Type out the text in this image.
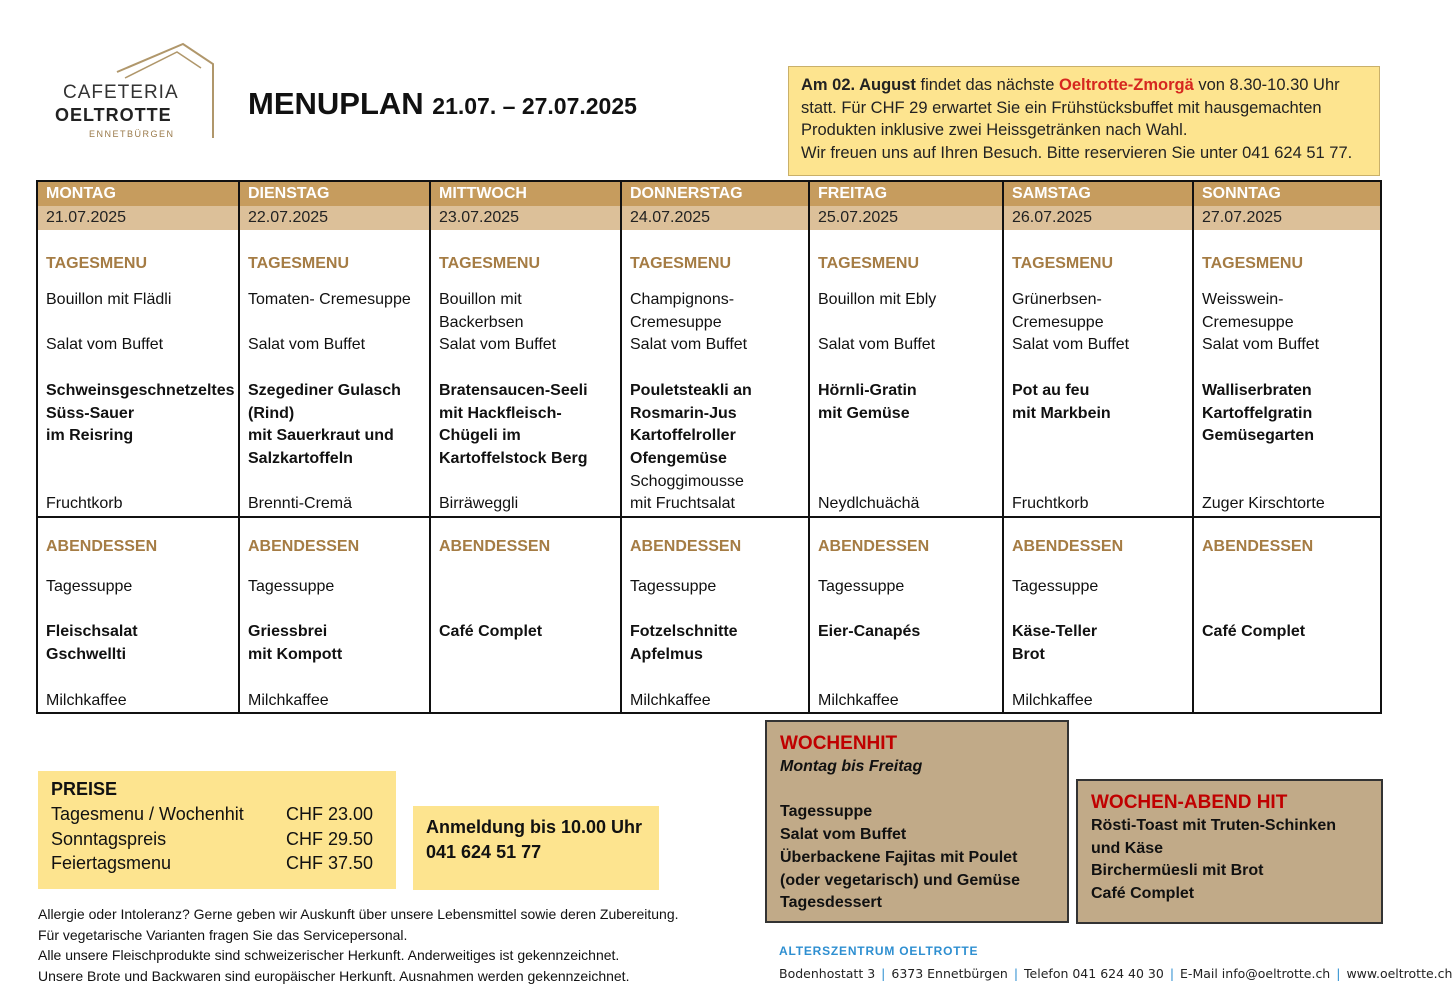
CAFETERIA
OELTROTTE
ENNETBÜRGEN
MENUPLAN 21.07. – 27.07.2025
Am 02. August findet das nächste Oeltrotte-Zmorgä von 8.30-10.30 Uhr statt. Für CHF 29 erwartet Sie ein Frühstücksbuffet mit hausgemachten Produkten inklusive zwei Heissgetränken nach Wahl.
Wir freuen uns auf Ihren Besuch. Bitte reservieren Sie unter 041 624 51 77.
MONTAG
21.07.2025
TAGESMENU
Bouillon mit Flädli
Salat vom Buffet
Schweinsgeschnetzeltes
Süss-Sauer
im Reisring
Fruchtkorb
ABENDESSEN
Tagessuppe
Fleischsalat
Gschwellti
Milchkaffee
DIENSTAG
22.07.2025
TAGESMENU
Tomaten- Cremesuppe
Salat vom Buffet
Szegediner Gulasch
(Rind)
mit Sauerkraut und
Salzkartoffeln
Brennti-Cremä
ABENDESSEN
Tagessuppe
Griessbrei
mit Kompott
Milchkaffee
MITTWOCH
23.07.2025
TAGESMENU
Bouillon mit
Backerbsen
Salat vom Buffet
Bratensaucen-Seeli
mit Hackfleisch-
Chügeli im
Kartoffelstock Berg
Birräweggli
ABENDESSEN
Café Complet
DONNERSTAG
24.07.2025
TAGESMENU
Champignons-
Cremesuppe
Salat vom Buffet
Pouletsteakli an
Rosmarin-Jus
Kartoffelroller
Ofengemüse
Schoggimousse
mit Fruchtsalat
ABENDESSEN
Tagessuppe
Fotzelschnitte
Apfelmus
Milchkaffee
FREITAG
25.07.2025
TAGESMENU
Bouillon mit Ebly
Salat vom Buffet
Hörnli-Gratin
mit Gemüse
Neydlchuächä
ABENDESSEN
Tagessuppe
Eier-Canapés
Milchkaffee
SAMSTAG
26.07.2025
TAGESMENU
Grünerbsen-
Cremesuppe
Salat vom Buffet
Pot au feu
mit Markbein
Fruchtkorb
ABENDESSEN
Tagessuppe
Käse-Teller
Brot
Milchkaffee
SONNTAG
27.07.2025
TAGESMENU
Weisswein-
Cremesuppe
Salat vom Buffet
Walliserbraten
Kartoffelgratin
Gemüsegarten
Zuger Kirschtorte
ABENDESSEN
Café Complet
PREISE
Tagesmenu / Wochenhit CHF 23.00
Sonntagspreis	CHF 29.50
Feiertagsmenu	CHF 37.50
Anmeldung bis 10.00 Uhr
041 624 51 77
WOCHENHIT
Montag bis Freitag
Tagessuppe
Salat vom Buffet
Überbackene Fajitas mit Poulet
(oder vegetarisch) und Gemüse
Tagesdessert
WOCHEN-ABEND HIT
Rösti-Toast mit Truten-Schinken
und Käse
Birchermüesli mit Brot
Café Complet
Allergie oder Intoleranz? Gerne geben wir Auskunft über unsere Lebensmittel sowie deren Zubereitung.
Für vegetarische Varianten fragen Sie das Servicepersonal.
Alle unsere Fleischprodukte sind schweizerischer Herkunft. Anderweitiges ist gekennzeichnet.
Unsere Brote und Backwaren sind europäischer Herkunft. Ausnahmen werden gekennzeichnet.
ALTERSZENTRUM OELTROTTE
Bodenhostatt 3 | 6373 Ennetbürgen | Telefon 041 624 40 30 | E-Mail info@oeltrotte.ch | www.oeltrotte.ch
